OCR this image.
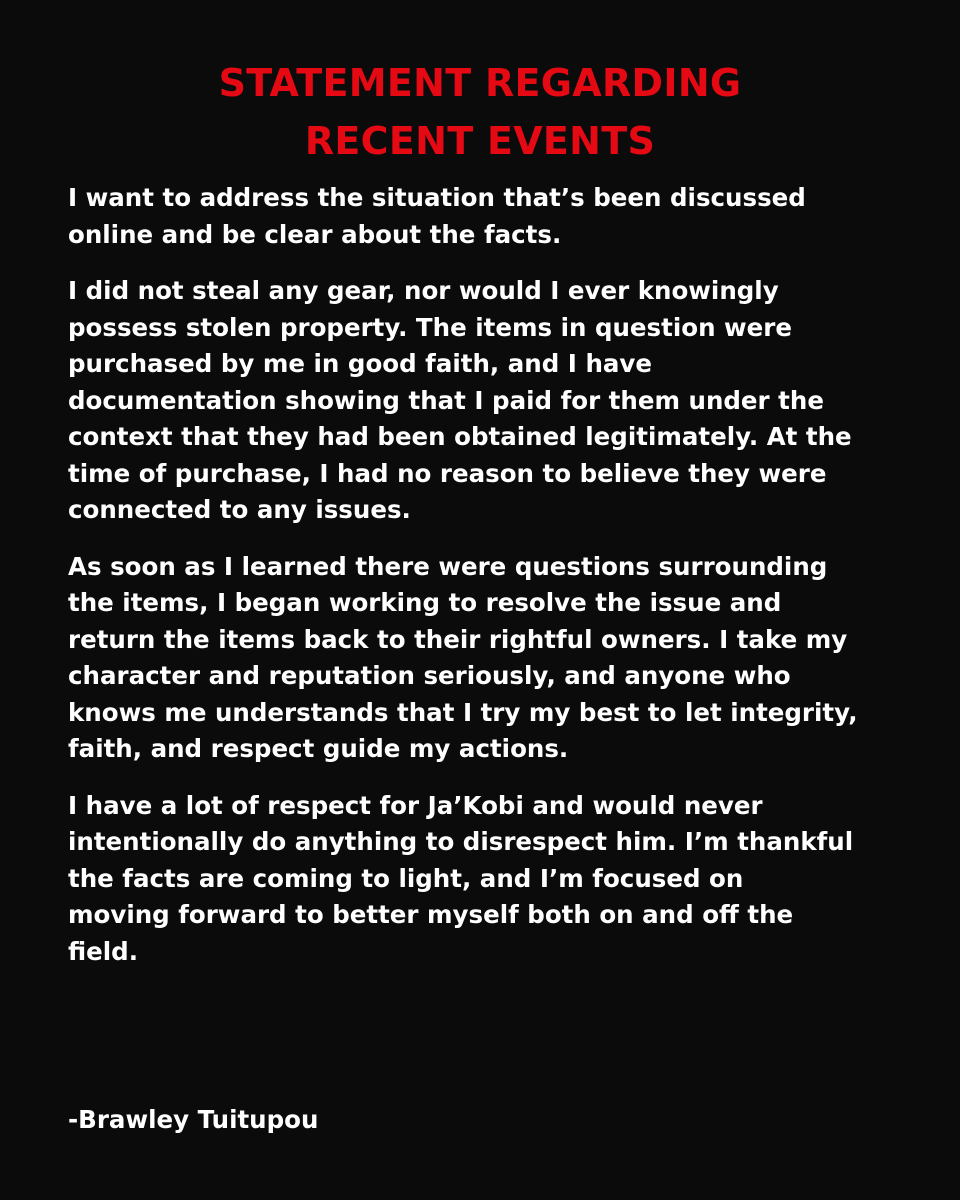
STATEMENT REGARDING
RECENT EVENTS

I want to address the situation that’s been discussed
online and be clear about the facts.

I did not steal any gear, nor would I ever knowingly
possess stolen property. The items in question were
purchased by me in good faith, and I have
documentation showing that I paid for them under the
context that they had been obtained legitimately. At the
time of purchase, I had no reason to believe they were
connected to any issues.

As soon as I learned there were questions surrounding
the items, I began working to resolve the issue and
return the items back to their rightful owners. I take my
character and reputation seriously, and anyone who
knows me understands that I try my best to let integrity,
faith, and respect guide my actions.

I have a lot of respect for Ja’Kobi and would never
intentionally do anything to disrespect him. I’m thankful
the facts are coming to light, and I’m focused on
moving forward to better myself both on and off the
field.

-Brawley Tuitupou
